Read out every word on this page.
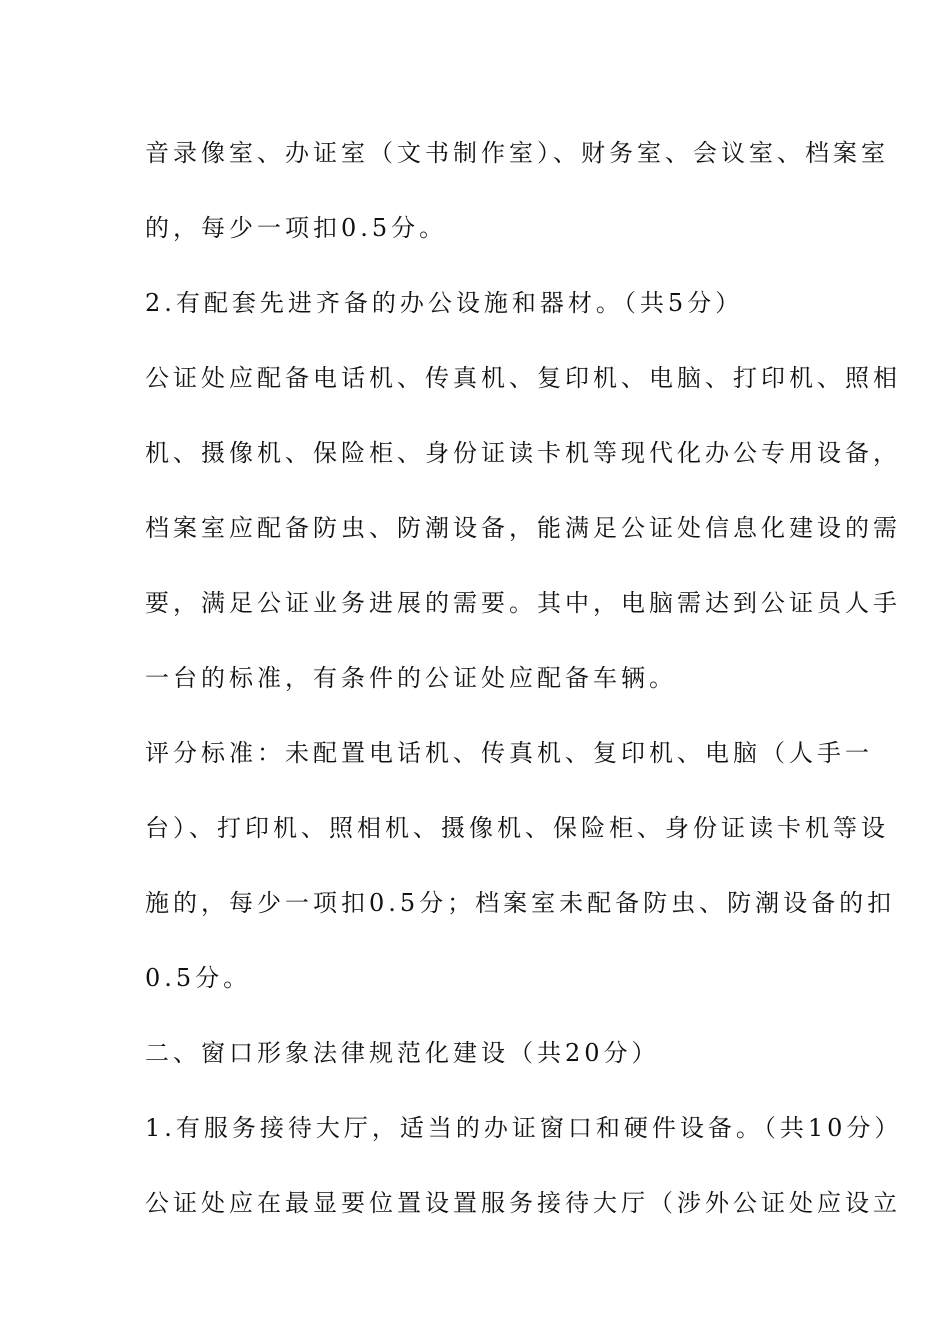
音录像室、办证室（文书制作室）、财务室、会议室、档案室
的，每少一项扣0.5分。
2.有配套先进齐备的办公设施和器材。（共5分）
公证处应配备电话机、传真机、复印机、电脑、打印机、照相
机、摄像机、保险柜、身份证读卡机等现代化办公专用设备，
档案室应配备防虫、防潮设备，能满足公证处信息化建设的需
要，满足公证业务进展的需要。其中，电脑需达到公证员人手
一台的标准，有条件的公证处应配备车辆。
评分标准：未配置电话机、传真机、复印机、电脑（人手一
台）、打印机、照相机、摄像机、保险柜、身份证读卡机等设
施的，每少一项扣0.5分；档案室未配备防虫、防潮设备的扣
0.5分。
二、窗口形象法律规范化建设（共20分）
1.有服务接待大厅，适当的办证窗口和硬件设备。（共10分）
公证处应在最显要位置设置服务接待大厅（涉外公证处应设立
